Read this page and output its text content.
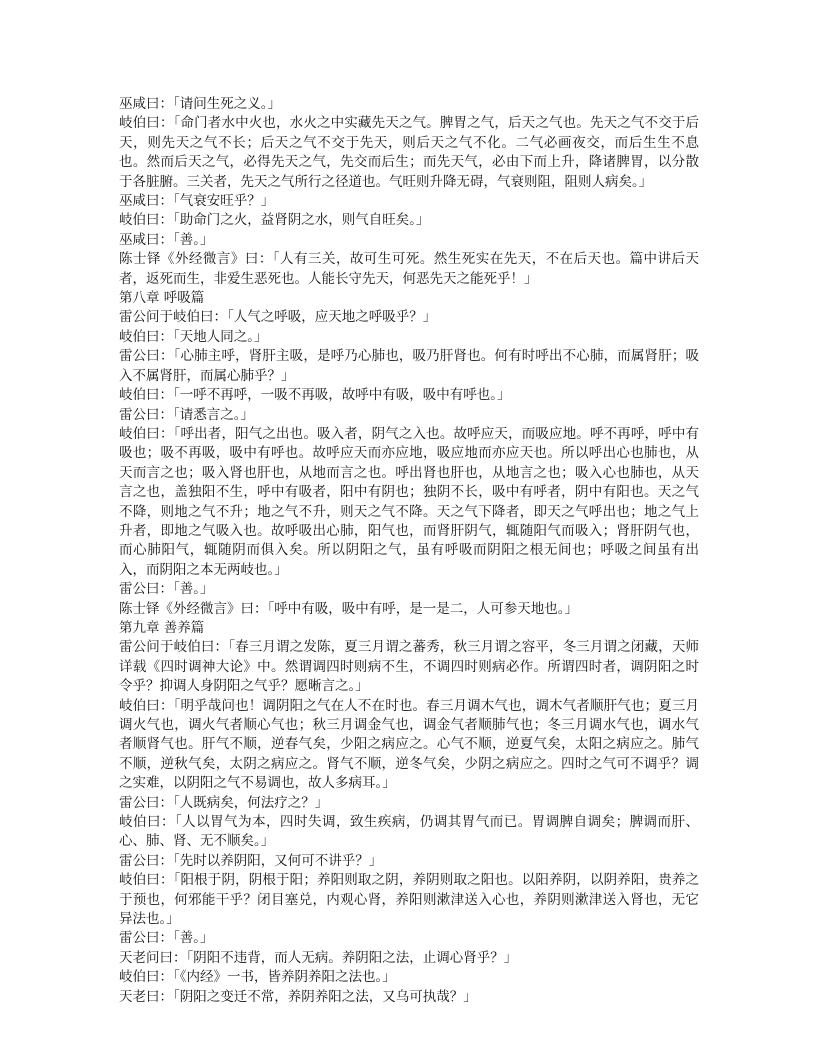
巫咸曰：「请问生死之义。」

岐伯曰：「命门者水中火也，水火之中实藏先天之气。脾胃之气，后天之气也。先天之气不交于后天，则先天之气不长；后天之气不交于先天，则后天之气不化。二气必画夜交，而后生生不息也。然而后天之气，必得先天之气，先交而后生；而先天气，必由下而上升，降诸脾胃，以分散于各脏腑。三关者，先天之气所行之径道也。气旺则升降无碍，气衰则阻，阻则人病矣。」

巫咸曰：「气衰安旺乎？」

岐伯曰：「助命门之火，益肾阴之水，则气自旺矣。」

巫咸曰：「善。」

陈士铎《外经微言》曰：「人有三关，故可生可死。然生死实在先天，不在后天也。篇中讲后天者，返死而生，非爱生恶死也。人能长守先天，何恶先天之能死乎！」

第八章 呼吸篇

雷公问于岐伯曰：「人气之呼吸，应天地之呼吸乎？」

岐伯曰：「天地人同之。」

雷公曰：「心肺主呼，肾肝主吸，是呼乃心肺也，吸乃肝肾也。何有时呼出不心肺，而属肾肝；吸入不属肾肝，而属心肺乎？」

岐伯曰：「一呼不再呼，一吸不再吸，故呼中有吸，吸中有呼也。」

雷公曰：「请悉言之。」

岐伯曰：「呼出者，阳气之出也。吸入者，阴气之入也。故呼应天，而吸应地。呼不再呼，呼中有吸也；吸不再吸，吸中有呼也。故呼应天而亦应地，吸应地而亦应天也。所以呼出心也肺也，从天而言之也；吸入肾也肝也，从地而言之也。呼出肾也肝也，从地言之也；吸入心也肺也，从天言之也，盖独阳不生，呼中有吸者，阳中有阴也；独阴不长，吸中有呼者，阴中有阳也。天之气不降，则地之气不升；地之气不升，则天之气不降。天之气下降者，即天之气呼出也；地之气上升者，即地之气吸入也。故呼吸出心肺，阳气也，而肾肝阴气，辄随阳气而吸入；肾肝阴气也，而心肺阳气，辄随阴而俱入矣。所以阴阳之气，虽有呼吸而阴阳之根无间也；呼吸之间虽有出入，而阴阳之本无两岐也。」

雷公曰：「善。」

陈士铎《外经微言》曰：「呼中有吸，吸中有呼，是一是二，人可参天地也。」

第九章 善养篇

雷公问于岐伯曰：「春三月谓之发陈，夏三月谓之蕃秀，秋三月谓之容平，冬三月谓之闭藏，天师详载《四时调神大论》中。然谓调四时则病不生，不调四时则病必作。所谓四时者，调阴阳之时令乎？抑调人身阴阳之气乎？愿晰言之。」

岐伯曰：「明乎哉问也！调阴阳之气在人不在时也。春三月调木气也，调木气者顺肝气也；夏三月调火气也，调火气者顺心气也；秋三月调金气也，调金气者顺肺气也；冬三月调水气也，调水气者顺肾气也。肝气不顺，逆春气矣，少阳之病应之。心气不顺，逆夏气矣，太阳之病应之。肺气不顺，逆秋气矣，太阴之病应之。肾气不顺，逆冬气矣，少阴之病应之。四时之气可不调乎？调之实难，以阴阳之气不易调也，故人多病耳。」

雷公曰：「人既病矣，何法疗之？」

岐伯曰：「人以胃气为本，四时失调，致生疾病，仍调其胃气而已。胃调脾自调矣；脾调而肝、心、肺、肾、无不顺矣。」

雷公曰：「先时以养阴阳，又何可不讲乎？」

岐伯曰：「阳根于阴，阴根于阳；养阳则取之阴，养阴则取之阳也。以阳养阴，以阴养阳，贵养之于预也，何邪能干乎？闭目塞兑，内观心肾，养阳则漱津送入心也，养阴则漱津送入肾也，无它异法也。」

雷公曰：「善。」

天老问曰：「阴阳不违背，而人无病。养阴阳之法，止调心肾乎？」

岐伯曰：「《内经》一书，皆养阴养阳之法也。」

天老曰：「阴阳之变迁不常，养阴养阳之法，又乌可执哉？」
